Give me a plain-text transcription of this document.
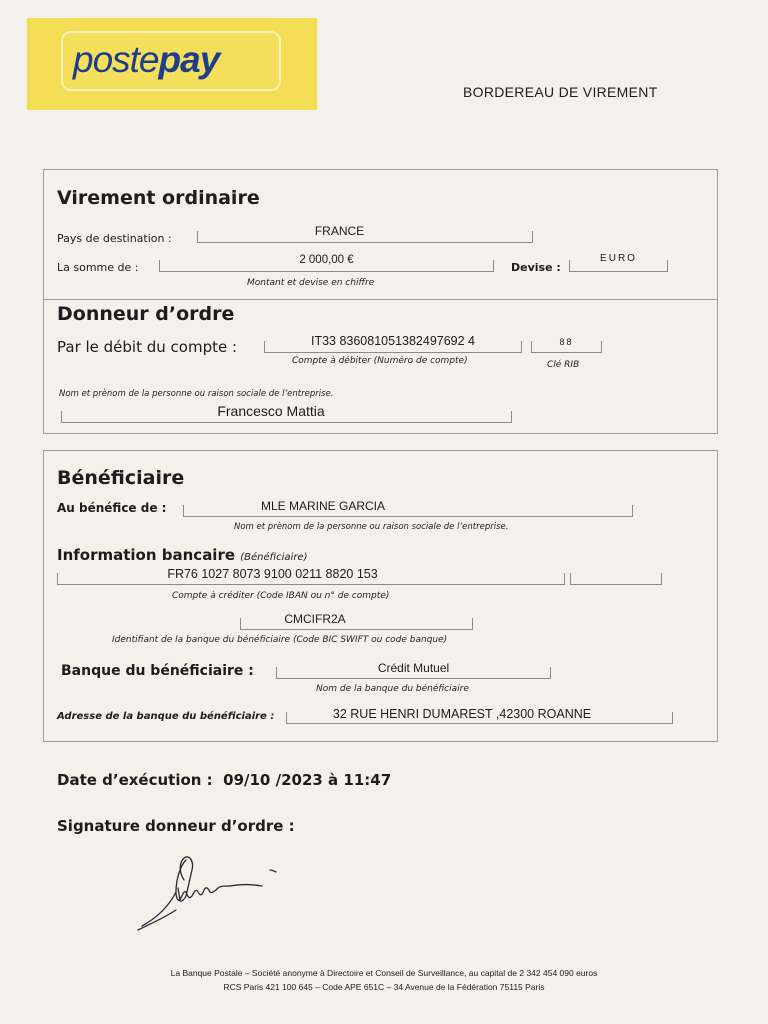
postepay
BORDEREAU DE VIREMENT
Virement ordinaire
Pays de destination :
FRANCE
La somme de :
2 000,00 €
Montant et devise en chiffre
Devise :
EURO
Donneur d’ordre
Par le débit du compte :	IT33 836081051382497692 4
Compte à débiter (Numéro de compte)
88
Clé RIB
Nom et prènom de la personne ou raison sociale de l’entreprise.
Francesco Mattia
Bénéficiaire
Au bénéfice de :	MLE MARINE GARCIA
Nom et prènom de la personne ou raison sociale de l’entreprise.
Information bancaire (Bénéficiaire)
FR76 1027 8073 9100 0211 8820 153
Compte à créditer (Code IBAN ou n° de compte)
CMCIFR2A
Identifiant de la banque du bénéficiaire (Code BIC SWIFT ou code banque)
Banque du bénéficiaire :	Crédit Mutuel
Nom de la banque du bénéficiaire
Adresse de la banque du bénéficiaire :	32 RUE HENRI DUMAREST ,42300 ROANNE
Date d’exécution : 09/10 /2023 à 11:47
Signature donneur d’ordre :
La Banque Postale – Société anonyme à Directoire et Conseil de Surveillance, au capital de 2 342 454 090 euros
RCS Paris 421 100 645 – Code APE 651C – 34 Avenue de la Fédération 75115 Paris
